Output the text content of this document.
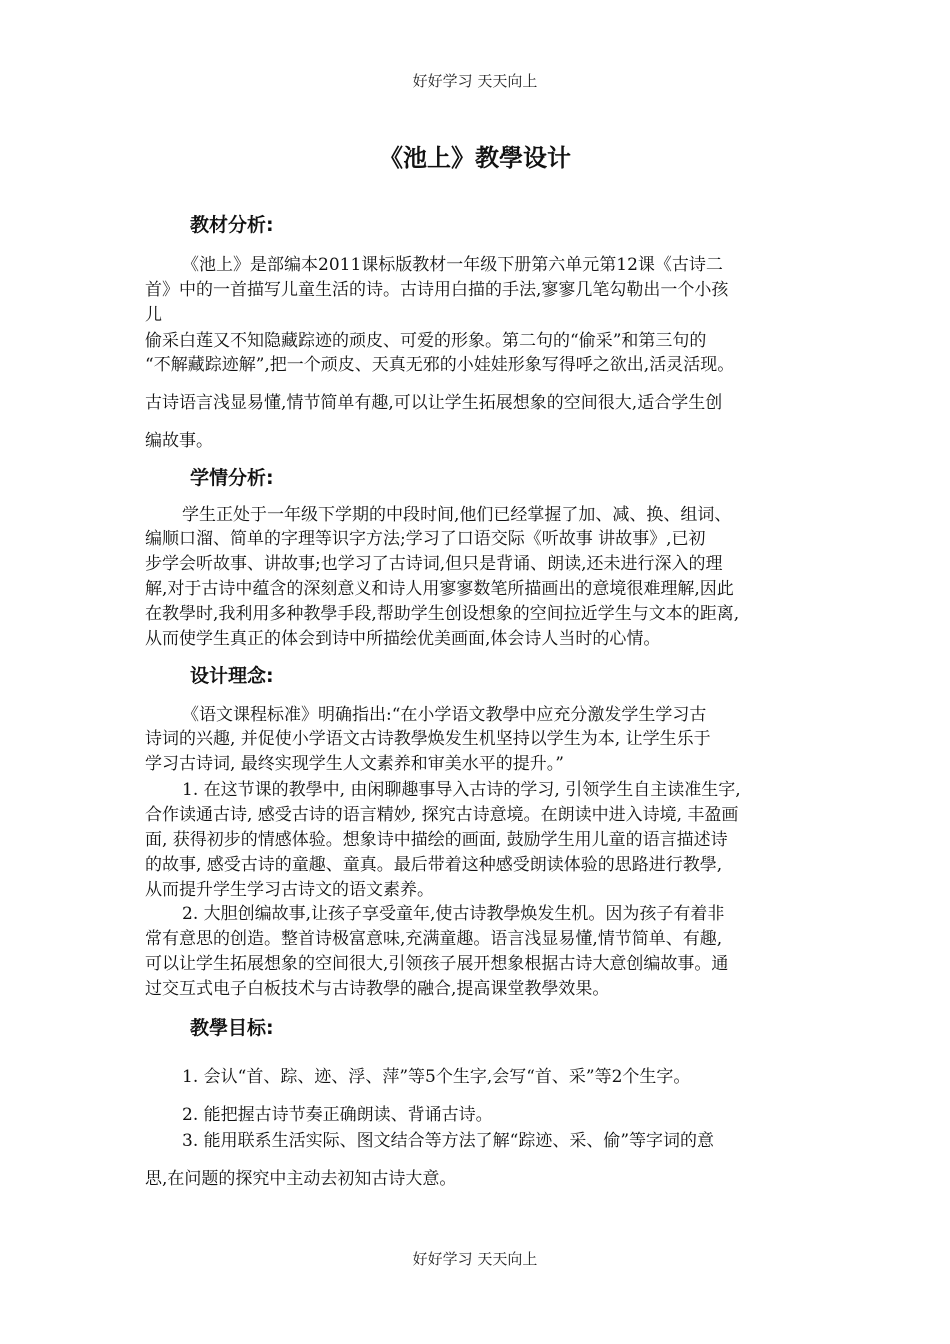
好好学习 天天向上
《池上》教學设计
教材分析:
《池上》是部编本2011课标版教材一年级下册第六单元第12课《古诗二
首》中的一首描写儿童生活的诗。古诗用白描的手法,寥寥几笔勾勒出一个小孩
儿
偷采白莲又不知隐藏踪迹的顽皮、可爱的形象。第二句的“偷采”和第三句的
“不解藏踪迹解”,把一个顽皮、天真无邪的小娃娃形象写得呼之欲出,活灵活现。
古诗语言浅显易懂,情节简单有趣,可以让学生拓展想象的空间很大,适合学生创
编故事。
学情分析:
学生正处于一年级下学期的中段时间,他们已经掌握了加、减、换、组词、
编顺口溜、简单的字理等识字方法;学习了口语交际《听故事 讲故事》,已初
步学会听故事、讲故事;也学习了古诗词,但只是背诵、朗读,还未进行深入的理
解,对于古诗中蕴含的深刻意义和诗人用寥寥数笔所描画出的意境很难理解,因此
在教學时,我利用多种教學手段,帮助学生创设想象的空间拉近学生与文本的距离,
从而使学生真正的体会到诗中所描绘优美画面,体会诗人当时的心情。
设计理念:
《语文课程标准》明确指出:“在小学语文教學中应充分激发学生学习古
诗词的兴趣, 并促使小学语文古诗教學焕发生机坚持以学生为本, 让学生乐于
学习古诗词, 最终实现学生人文素养和审美水平的提升。”
1. 在这节课的教學中, 由闲聊趣事导入古诗的学习, 引领学生自主读准生字,
合作读通古诗, 感受古诗的语言精妙, 探究古诗意境。在朗读中进入诗境, 丰盈画
面, 获得初步的情感体验。想象诗中描绘的画面, 鼓励学生用儿童的语言描述诗
的故事, 感受古诗的童趣、童真。最后带着这种感受朗读体验的思路进行教學,
从而提升学生学习古诗文的语文素养。
2. 大胆创编故事,让孩子享受童年,使古诗教學焕发生机。因为孩子有着非
常有意思的创造。整首诗极富意味,充满童趣。语言浅显易懂,情节简单、有趣,
可以让学生拓展想象的空间很大,引领孩子展开想象根据古诗大意创编故事。通
过交互式电子白板技术与古诗教學的融合,提高课堂教學效果。
教學目标:
1. 会认“首、踪、迹、浮、萍”等5个生字,会写“首、采”等2个生字。
2. 能把握古诗节奏正确朗读、背诵古诗。
3. 能用联系生活实际、图文结合等方法了解“踪迹、采、偷”等字词的意
思,在问题的探究中主动去初知古诗大意。
好好学习 天天向上
